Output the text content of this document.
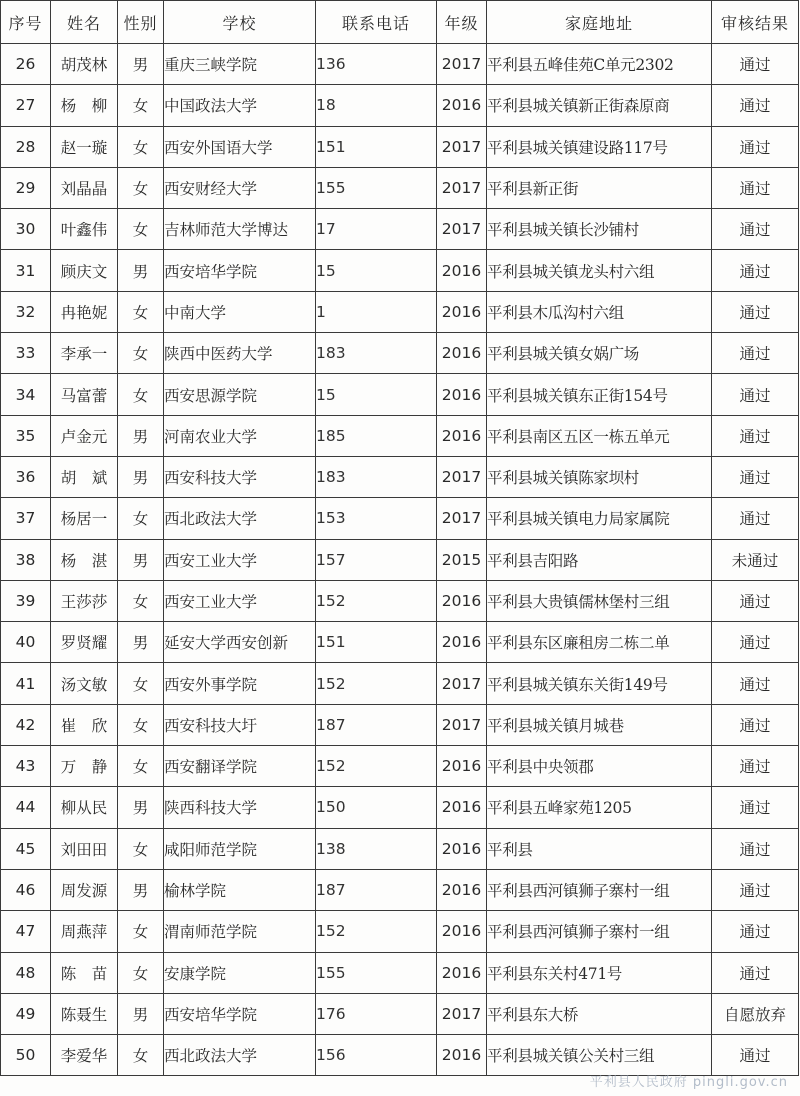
序号	姓名	性别	学校	联系电话	年级	家庭地址	审核结果
26	胡茂林	男	重庆三峡学院	136	2017	平利县五峰佳苑C单元2302	通过
27	杨　柳	女	中国政法大学	18	2016	平利县城关镇新正街森原商	通过
28	赵一璇	女	西安外国语大学	151	2017	平利县城关镇建设路117号	通过
29	刘晶晶	女	西安财经大学	155	2017	平利县新正街	通过
30	叶鑫伟	女	吉林师范大学博达	17	2017	平利县城关镇长沙铺村	通过
31	顾庆文	男	西安培华学院	15	2016	平利县城关镇龙头村六组	通过
32	冉艳妮	女	中南大学	1	2016	平利县木瓜沟村六组	通过
33	李承一	女	陕西中医药大学	183	2016	平利县城关镇女娲广场	通过
34	马富蕾	女	西安思源学院	15	2016	平利县城关镇东正街154号	通过
35	卢金元	男	河南农业大学	185	2016	平利县南区五区一栋五单元	通过
36	胡　斌	男	西安科技大学	183	2017	平利县城关镇陈家坝村	通过
37	杨居一	女	西北政法大学	153	2017	平利县城关镇电力局家属院	通过
38	杨　湛	男	西安工业大学	157	2015	平利县吉阳路	未通过
39	王莎莎	女	西安工业大学	152	2016	平利县大贵镇儒林堡村三组	通过
40	罗贤耀	男	延安大学西安创新	151	2016	平利县东区廉租房二栋二单	通过
41	汤文敏	女	西安外事学院	152	2017	平利县城关镇东关街149号	通过
42	崔　欣	女	西安科技大圩	187	2017	平利县城关镇月城巷	通过
43	万　静	女	西安翻译学院	152	2016	平利县中央领郡	通过
44	柳从民	男	陕西科技大学	150	2016	平利县五峰家苑1205	通过
45	刘田田	女	咸阳师范学院	138	2016	平利县	通过
46	周发源	男	榆林学院	187	2016	平利县西河镇狮子寨村一组	通过
47	周燕萍	女	渭南师范学院	152	2016	平利县西河镇狮子寨村一组	通过
48	陈　苗	女	安康学院	155	2016	平利县东关村471号	通过
49	陈聂生	男	西安培华学院	176	2017	平利县东大桥	自愿放弃
50	李爱华	女	西北政法大学	156	2016	平利县城关镇公关村三组	通过
平利县人民政府 pingli.gov.cn
